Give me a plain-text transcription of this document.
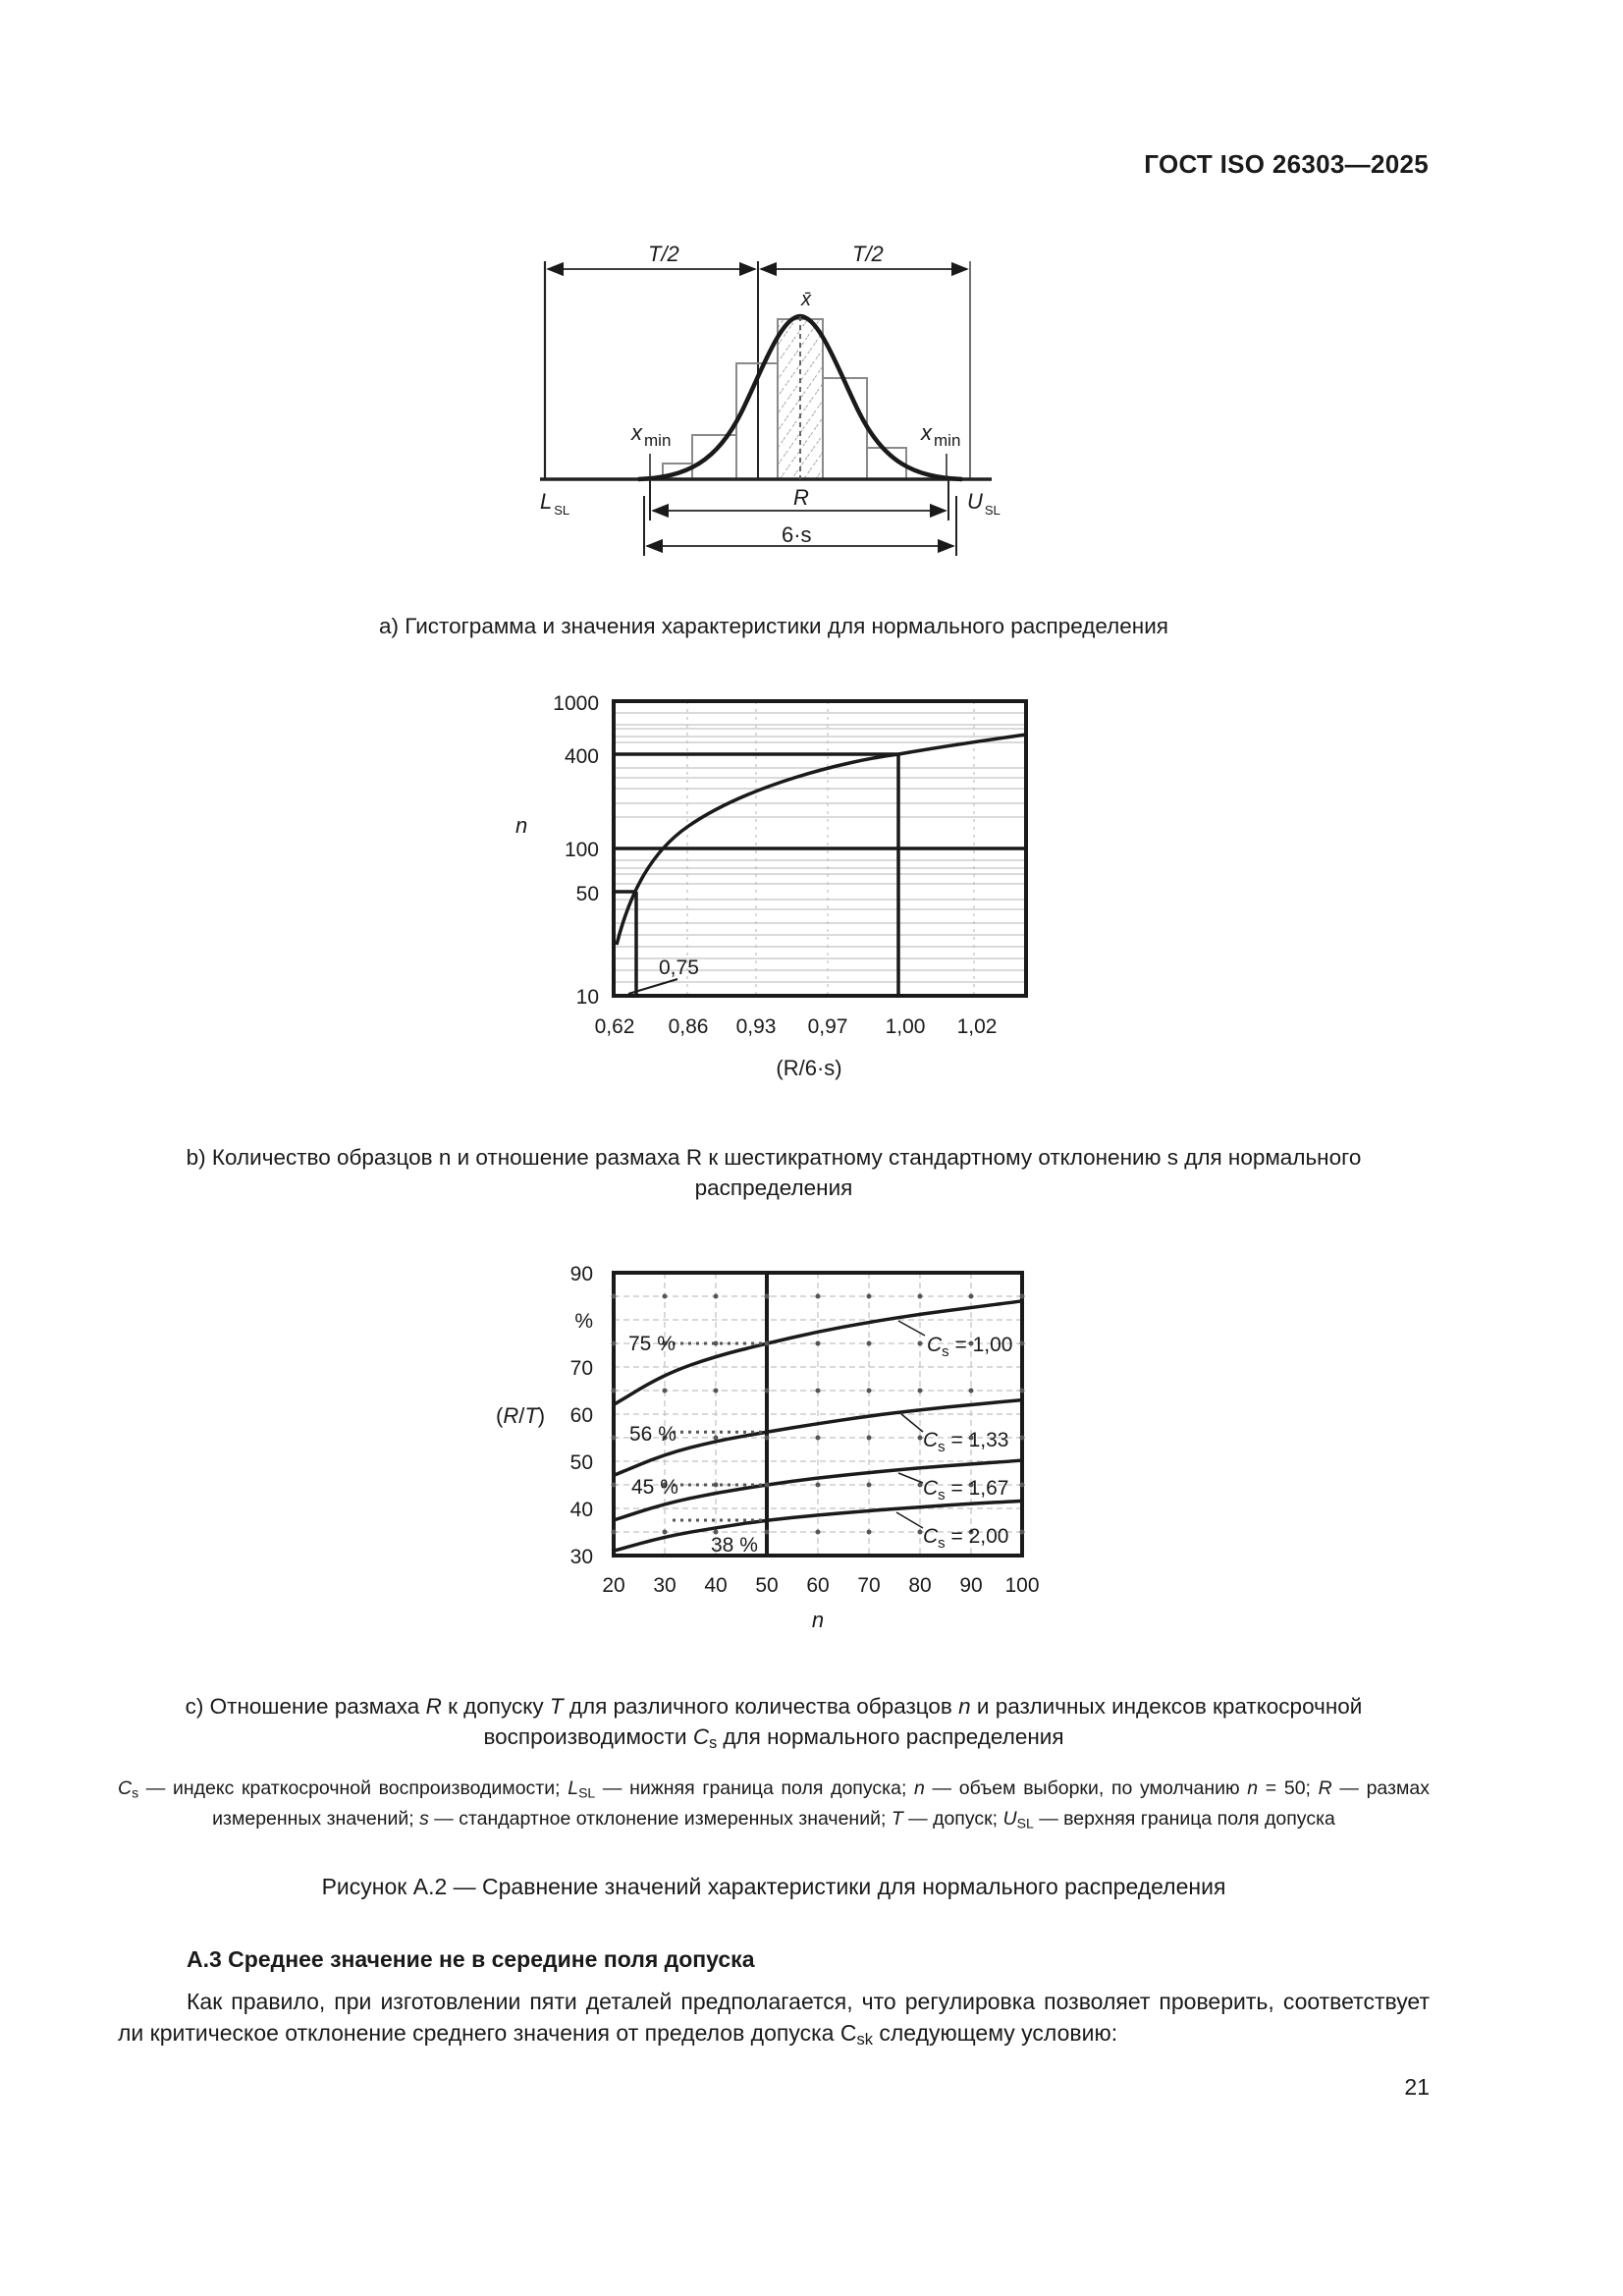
ГОСТ ISO 26303—2025
T/2	T/2
x̄
x $_{min}$	x $_{min}$
L $_{SL}$	U $_{SL}$
R
6·s
a) Гистограмма и значения характеристики для нормального распределения
0,75
1000
400
100
50
10
0,62 0,86 0,93 0,97 1,00 1,02
n
(R/6·s)
b) Количество образцов n и отношение размаха R к шестикратному стандартному отклонению s для нормального
распределения
75 %
56 %
45 %
38 %
$C_s = 1,00$
$C_s = 1,33$
$C_s = 1,67$
$C_s = 2,00$
90
70
60
50
40
30
%
20 30 40 50 60 70 80 90 100
(R/T)
n
c) Отношение размаха R к допуску T для различного количества образцов n и различных индексов краткосрочной
воспроизводимости $C_s$ для нормального распределения
$C_s$ — индекс краткосрочной воспроизводимости; $L_{SL}$ — нижняя граница поля допуска; n — объем выборки, по умолчанию n = 50; R — размах измеренных значений; s — стандартное отклонение измеренных значений; T — допуск; $U_{SL}$ — верхняя граница поля допуска
Рисунок А.2 — Сравнение значений характеристики для нормального распределения
А.3 Среднее значение не в середине поля допуска
Как правило, при изготовлении пяти деталей предполагается, что регулировка позволяет проверить, соответствует ли критическое отклонение среднего значения от пределов допуска $C_{sk}$ следующему условию:
21
